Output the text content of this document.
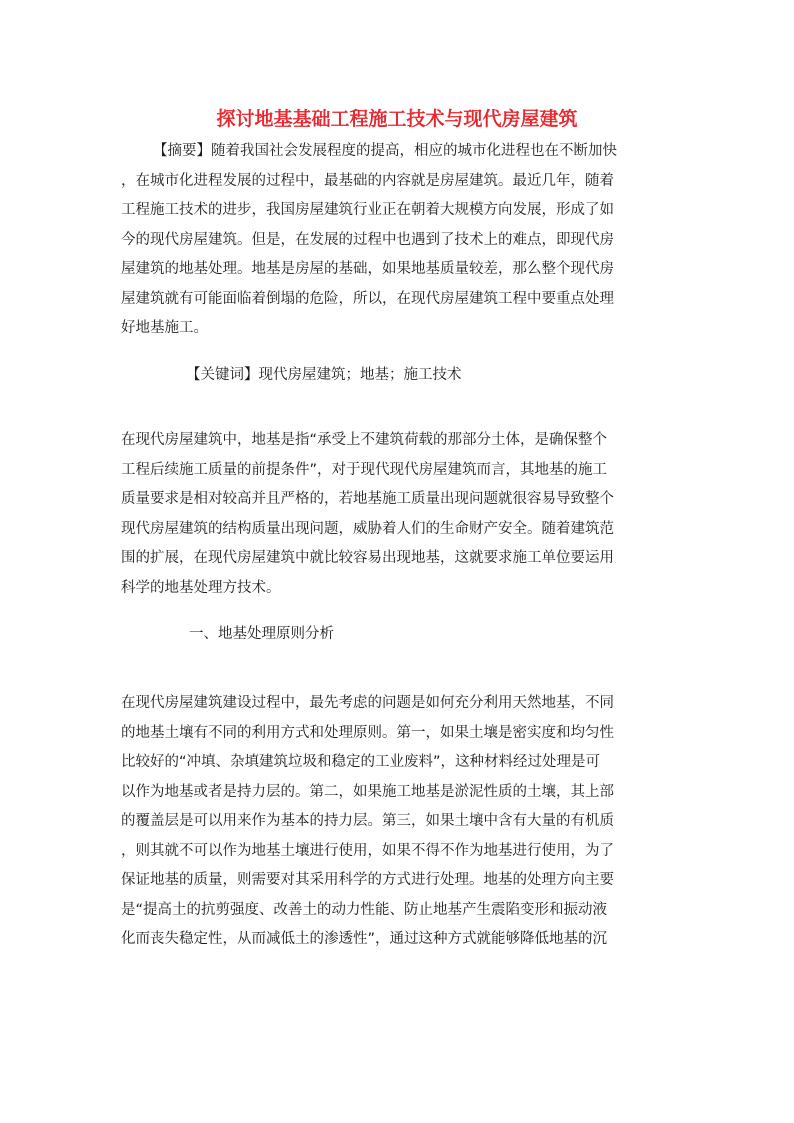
探讨地基基础工程施工技术与现代房屋建筑
【摘要】随着我国社会发展程度的提高，相应的城市化进程也在不断加快
，在城市化进程发展的过程中，最基础的内容就是房屋建筑。最近几年，随着
工程施工技术的进步，我国房屋建筑行业正在朝着大规模方向发展，形成了如
今的现代房屋建筑。但是，在发展的过程中也遇到了技术上的难点，即现代房
屋建筑的地基处理。地基是房屋的基础，如果地基质量较差，那么整个现代房
屋建筑就有可能面临着倒塌的危险，所以，在现代房屋建筑工程中要重点处理
好地基施工。
【关键词】现代房屋建筑；地基；施工技术
在现代房屋建筑中，地基是指“承受上不建筑荷载的那部分土体，是确保整个
工程后续施工质量的前提条件”，对于现代现代房屋建筑而言，其地基的施工
质量要求是相对较高并且严格的，若地基施工质量出现问题就很容易导致整个
现代房屋建筑的结构质量出现问题，威胁着人们的生命财产安全。随着建筑范
围的扩展，在现代房屋建筑中就比较容易出现地基，这就要求施工单位要运用
科学的地基处理方技术。
一、地基处理原则分析
在现代房屋建筑建设过程中，最先考虑的问题是如何充分利用天然地基，不同
的地基土壤有不同的利用方式和处理原则。第一，如果土壤是密实度和均匀性
比较好的“冲填、杂填建筑垃圾和稳定的工业废料”，这种材料经过处理是可
以作为地基或者是持力层的。第二，如果施工地基是淤泥性质的土壤，其上部
的覆盖层是可以用来作为基本的持力层。第三，如果土壤中含有大量的有机质
，则其就不可以作为地基土壤进行使用，如果不得不作为地基进行使用，为了
保证地基的质量，则需要对其采用科学的方式进行处理。地基的处理方向主要
是“提高土的抗剪强度、改善土的动力性能、防止地基产生震陷变形和振动液
化而丧失稳定性，从而减低土的渗透性”，通过这种方式就能够降低地基的沉
